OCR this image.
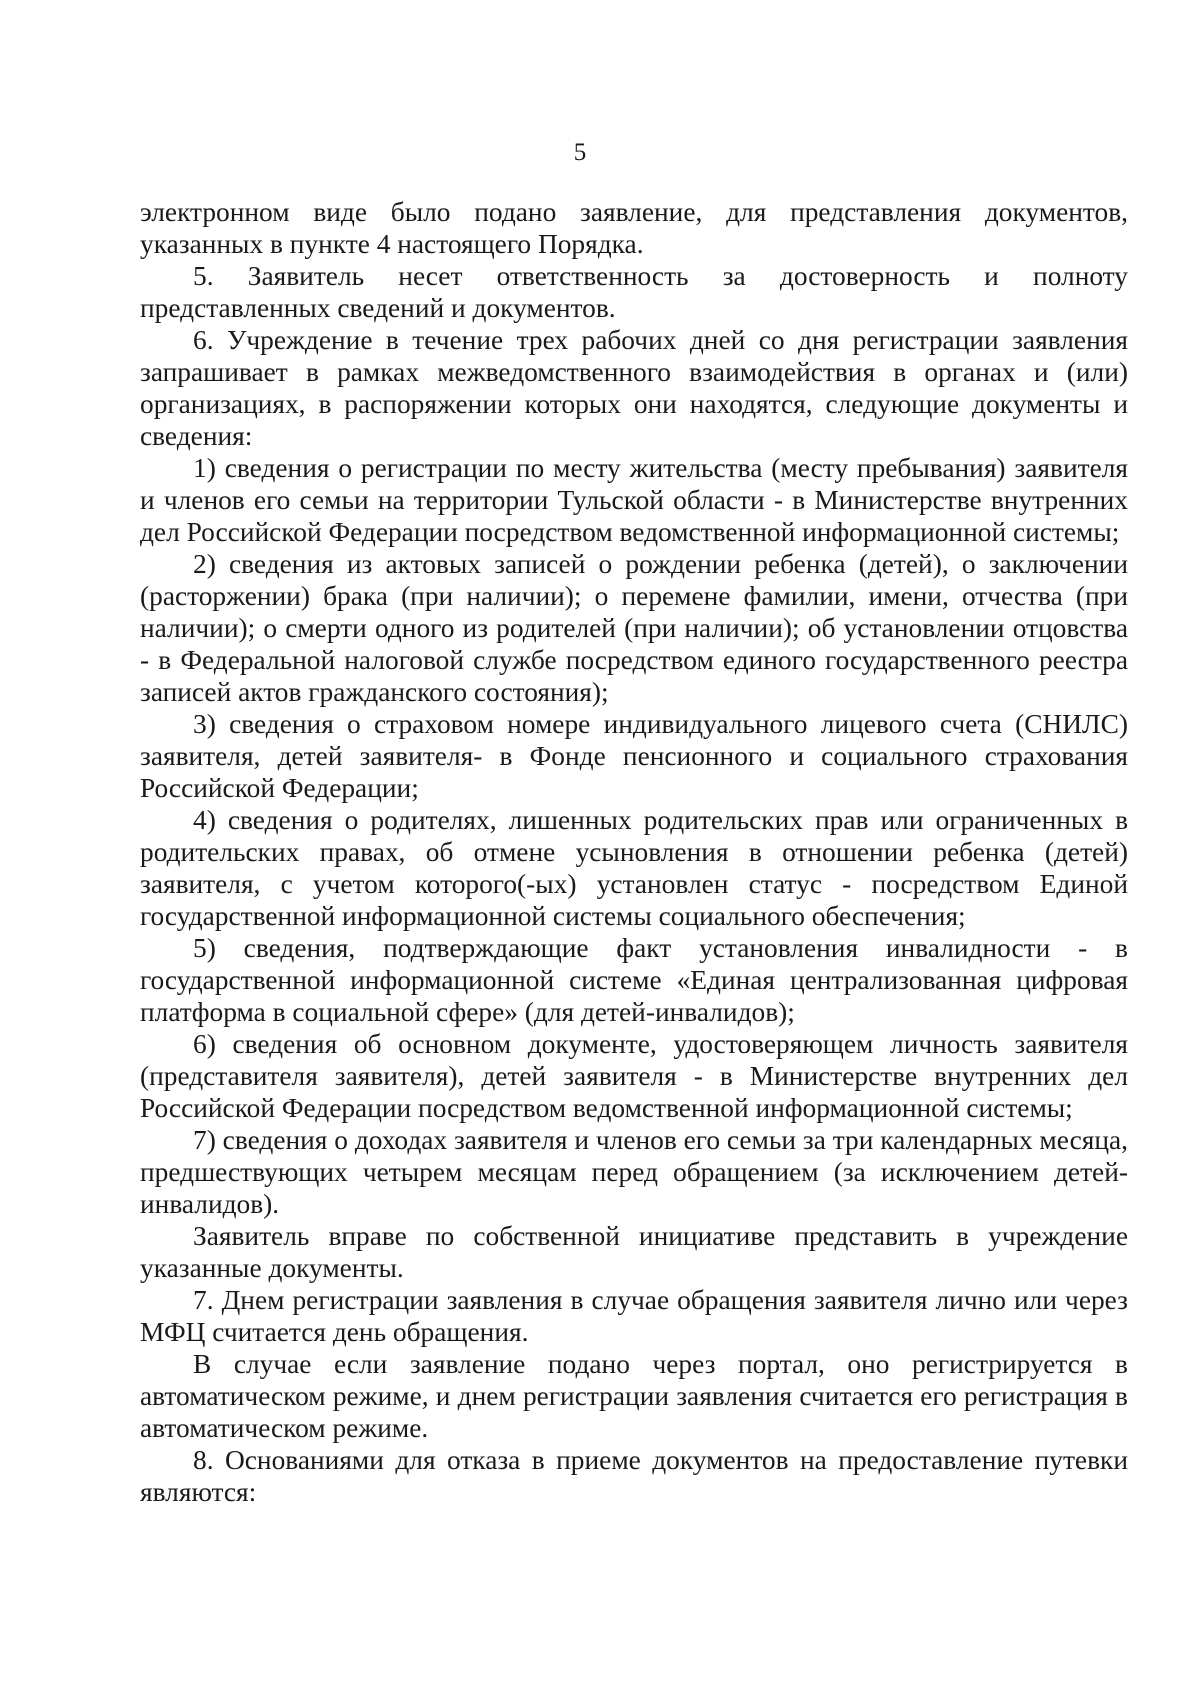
5

электронном виде было подано заявление, для представления документов, указанных в пункте 4 настоящего Порядка.

5. Заявитель несет ответственность за достоверность и полноту представленных сведений и документов.

6. Учреждение в течение трех рабочих дней со дня регистрации заявления запрашивает в рамках межведомственного взаимодействия в органах и (или) организациях, в распоряжении которых они находятся, следующие документы и сведения:

1) сведения о регистрации по месту жительства (месту пребывания) заявителя и членов его семьи на территории Тульской области - в Министерстве внутренних дел Российской Федерации посредством ведомственной информационной системы;

2) сведения из актовых записей о рождении ребенка (детей), о заключении (расторжении) брака (при наличии); о перемене фамилии, имени, отчества (при наличии); о смерти одного из родителей (при наличии); об установлении отцовства - в Федеральной налоговой службе посредством единого государственного реестра записей актов гражданского состояния);

3) сведения о страховом номере индивидуального лицевого счета (СНИЛС) заявителя, детей заявителя- в Фонде пенсионного и социального страхования Российской Федерации;

4) сведения о родителях, лишенных родительских прав или ограниченных в родительских правах, об отмене усыновления в отношении ребенка (детей) заявителя, с учетом которого(-ых) установлен статус - посредством Единой государственной информационной системы социального обеспечения;

5) сведения, подтверждающие факт установления инвалидности - в государственной информационной системе «Единая централизованная цифровая платформа в социальной сфере» (для детей-инвалидов);

6) сведения об основном документе, удостоверяющем личность заявителя (представителя заявителя), детей заявителя - в Министерстве внутренних дел Российской Федерации посредством ведомственной информационной системы;

7) сведения о доходах заявителя и членов его семьи за три календарных месяца, предшествующих четырем месяцам перед обращением (за исключением детей-инвалидов).

Заявитель вправе по собственной инициативе представить в учреждение указанные документы.

7. Днем регистрации заявления в случае обращения заявителя лично или через МФЦ считается день обращения.

В случае если заявление подано через портал, оно регистрируется в автоматическом режиме, и днем регистрации заявления считается его регистрация в автоматическом режиме.

8. Основаниями для отказа в приеме документов на предоставление путевки являются:
